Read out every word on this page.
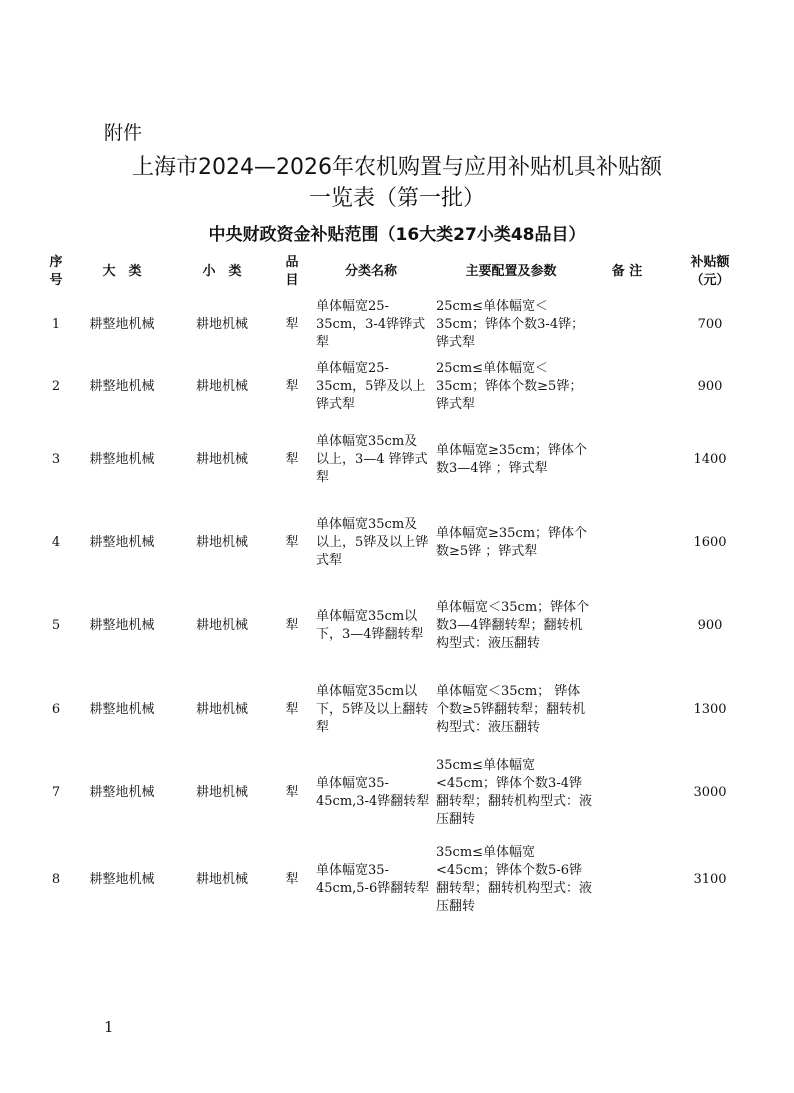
附件
上海市2024—2026年农机购置与应用补贴机具补贴额
一览表（第一批）
中央财政资金补贴范围（16大类27小类48品目）
序号	大　类	小　类	品目	分类名称	主要配置及参数	备 注	补贴额（元）
1	耕整地机械	耕地机械	犁	单体幅宽25-35cm，3-4铧铧式犁	25cm≤单体幅宽＜35cm；铧体个数3-4铧；铧式犁		700
2	耕整地机械	耕地机械	犁	单体幅宽25-35cm，5铧及以上铧式犁	25cm≤单体幅宽＜35cm；铧体个数≥5铧；铧式犁		900
3	耕整地机械	耕地机械	犁	单体幅宽35cm及以上，3—4 铧铧式犁	单体幅宽≥35cm；铧体个数3—4铧 ；铧式犁		1400
4	耕整地机械	耕地机械	犁	单体幅宽35cm及以上，5铧及以上铧式犁	单体幅宽≥35cm；铧体个数≥5铧 ；铧式犁		1600
5	耕整地机械	耕地机械	犁	单体幅宽35cm以下，3—4铧翻转犁	单体幅宽＜35cm；铧体个数3—4铧翻转犁；翻转机构型式：液压翻转		900
6	耕整地机械	耕地机械	犁	单体幅宽35cm以下，5铧及以上翻转犁	单体幅宽＜35cm； 铧体个数≥5铧翻转犁；翻转机构型式：液压翻转		1300
7	耕整地机械	耕地机械	犁	单体幅宽35-45cm,3-4铧翻转犁	35cm≤单体幅宽<45cm；铧体个数3-4铧翻转犁；翻转机构型式：液压翻转		3000
8	耕整地机械	耕地机械	犁	单体幅宽35-45cm,5-6铧翻转犁	35cm≤单体幅宽<45cm；铧体个数5-6铧翻转犁；翻转机构型式：液压翻转		3100
1
